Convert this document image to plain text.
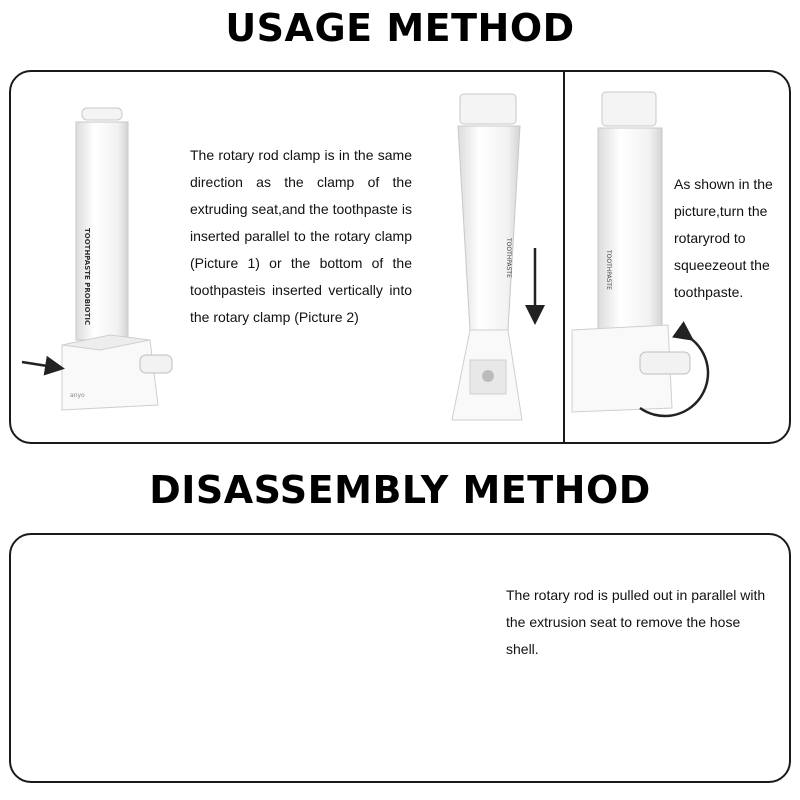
USAGE METHOD
TOOTHPASTE PROBIOTIC
anyo
TOOTHPASTE	TOOTHPASTE
The rotary rod clamp is in the same direction as the clamp of the extruding seat,and the toothpaste is inserted parallel to the rotary clamp (Picture 1) or the bottom of the toothpasteis inserted vertically into the rotary clamp (Picture 2)
As shown in the picture,turn the rotaryrod to squeezeout the toothpaste.
DISASSEMBLY METHOD
The rotary rod is pulled out in parallel with the extrusion seat to remove the hose shell.
